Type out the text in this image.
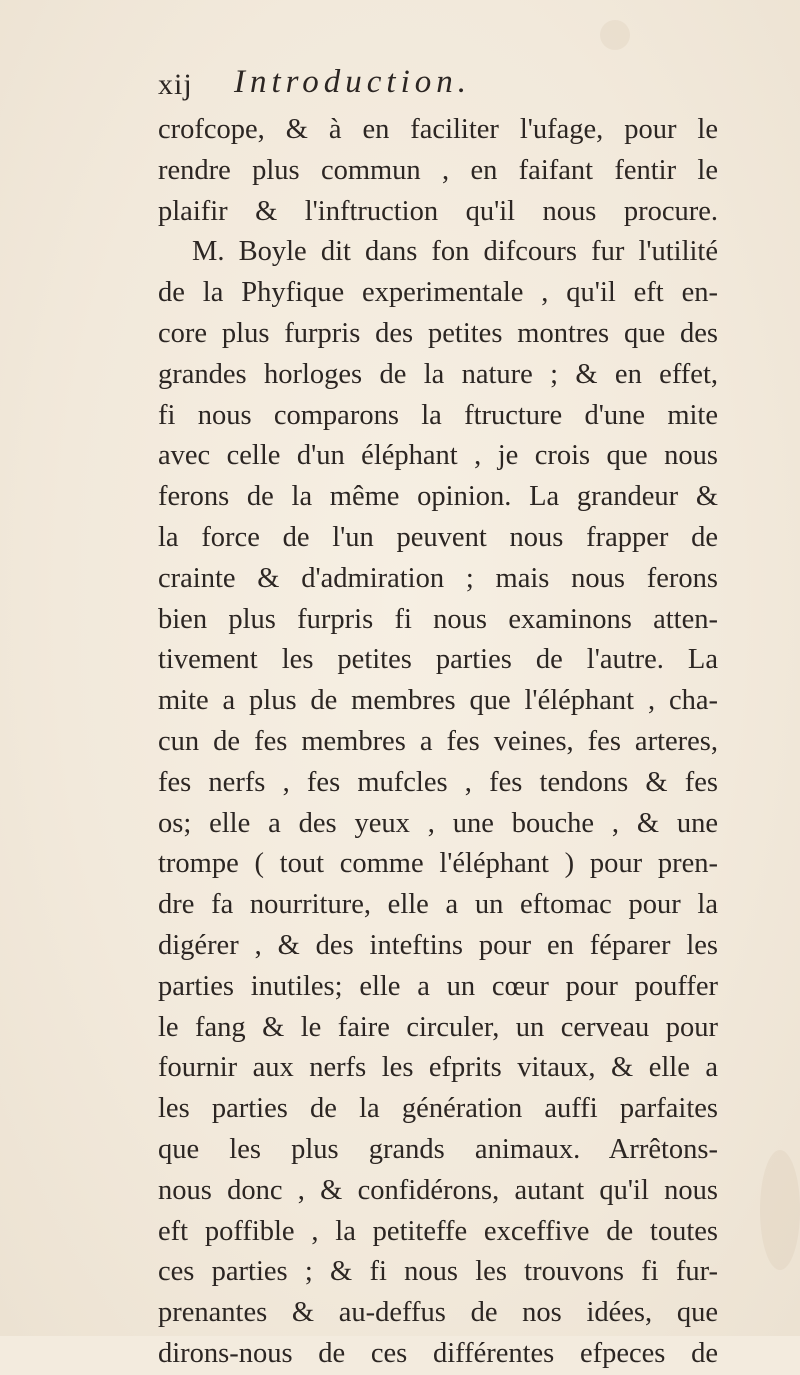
xij Introduction.
crofcope, & à en faciliter l'ufage, pour le
rendre plus commun , en faifant fentir le
plaifir & l'inftruction qu'il nous procure.
M. Boyle dit dans fon difcours fur l'utilité
de la Phyfique experimentale , qu'il eft en-
core plus furpris des petites montres que des
grandes horloges de la nature ; & en effet,
fi nous comparons la ftructure d'une mite
avec celle d'un éléphant , je crois que nous
ferons de la même opinion. La grandeur &
la force de l'un peuvent nous frapper de
crainte & d'admiration ; mais nous ferons
bien plus furpris fi nous examinons atten-
tivement les petites parties de l'autre. La
mite a plus de membres que l'éléphant , cha-
cun de fes membres a fes veines, fes arteres,
fes nerfs , fes mufcles , fes tendons & fes
os; elle a des yeux , une bouche , & une
trompe ( tout comme l'éléphant ) pour pren-
dre fa nourriture, elle a un eftomac pour la
digérer , & des inteftins pour en féparer les
parties inutiles; elle a un cœur pour pouffer
le fang & le faire circuler, un cerveau pour
fournir aux nerfs les efprits vitaux, & elle a
les parties de la génération auffi parfaites
que les plus grands animaux. Arrêtons-
nous donc , & confidérons, autant qu'il nous
eft poffible , la petiteffe exceffive de toutes
ces parties ; & fi nous les trouvons fi fur-
prenantes & au-deffus de nos idées, que
dirons-nous de ces différentes efpeces de
